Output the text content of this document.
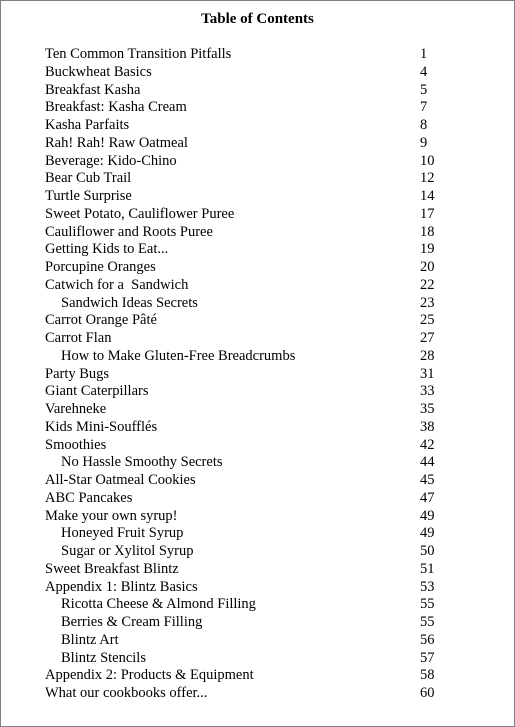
Table of Contents
Ten Common Transition Pitfalls	1
Buckwheat Basics	4
Breakfast Kasha	5
Breakfast: Kasha Cream	7
Kasha Parfaits	8
Rah! Rah! Raw Oatmeal	9
Beverage: Kido-Chino	10
Bear Cub Trail	12
Turtle Surprise	14
Sweet Potato, Cauliflower Puree	17
Cauliflower and Roots Puree	18
Getting Kids to Eat...	19
Porcupine Oranges	20
Catwich for a  Sandwich	22
Sandwich Ideas Secrets	23
Carrot Orange Pâté	25
Carrot Flan	27
How to Make Gluten-Free Breadcrumbs	28
Party Bugs	31
Giant Caterpillars	33
Varehneke	35
Kids Mini-Soufflés	38
Smoothies	42
No Hassle Smoothy Secrets	44
All-Star Oatmeal Cookies	45
ABC Pancakes	47
Make your own syrup!	49
Honeyed Fruit Syrup	49
Sugar or Xylitol Syrup	50
Sweet Breakfast Blintz	51
Appendix 1: Blintz Basics	53
Ricotta Cheese & Almond Filling	55
Berries & Cream Filling	55
Blintz Art	56
Blintz Stencils	57
Appendix 2: Products & Equipment	58
What our cookbooks offer...	60
